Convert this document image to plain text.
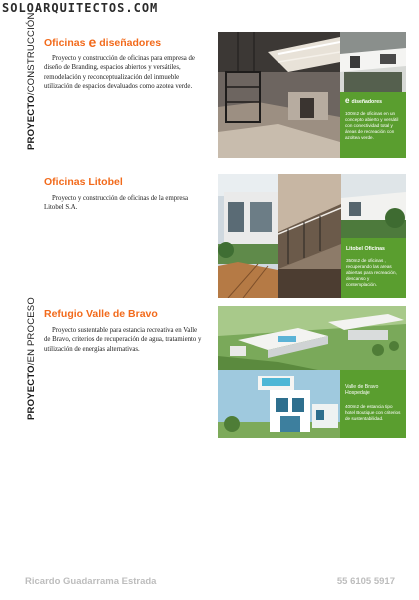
SOLOARQUITECTOS.COM
PROYECTO/CONSTRUCCIÓN
PROYECTO/EN PROCESO
Oficinas e diseñadores
Proyecto y construcción de oficinas para empresa de diseño de Branding, espacios abiertos y versátiles, remodelación y reconceptualización del inmueble utilización de espacios devaluados como azotea verde.
ediseñadores
100m2 de oficinas en un concepto abierto y versátil con conectividad total y áreas de recreación con azoltea verde.
Oficinas Litobel
Proyecto y construcción de oficinas de la empresa Litobel S.A.
Litobel Oficinas
350m2 de oficinas , recuperando las areas abiertas para recreación, descanso y contemplación.
Refugio Valle de Bravo
Proyecto sustentable para estancia recreativa en Valle de Bravo, criterios de recuperación de agua, tratamiento y utilización de energías alternativas.
Valle de Bravo Hospedaje
400m2 de estancia tipo hotel Boutique con criterios de sustentabilidad.
Ricardo Guadarrama Estrada	55 6105 5917
